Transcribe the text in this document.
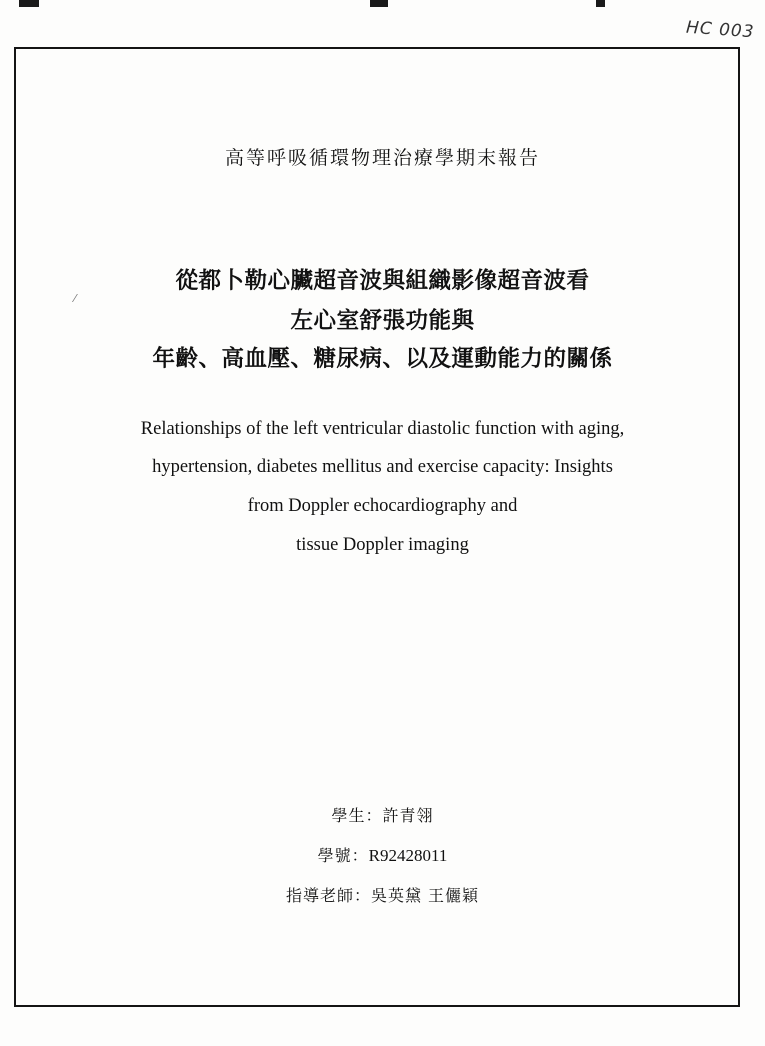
HC 003
⁄
高等呼吸循環物理治療學期末報告
從都卜勒心臟超音波與組織影像超音波看
左心室舒張功能與
年齡、高血壓、糖尿病、以及運動能力的關係
Relationships of the left ventricular diastolic function with aging,
hypertension, diabetes mellitus and exercise capacity: Insights
from Doppler echocardiography and
tissue Doppler imaging
學生：許青翎
學號：R92428011
指導老師：吳英黛 王儷穎
